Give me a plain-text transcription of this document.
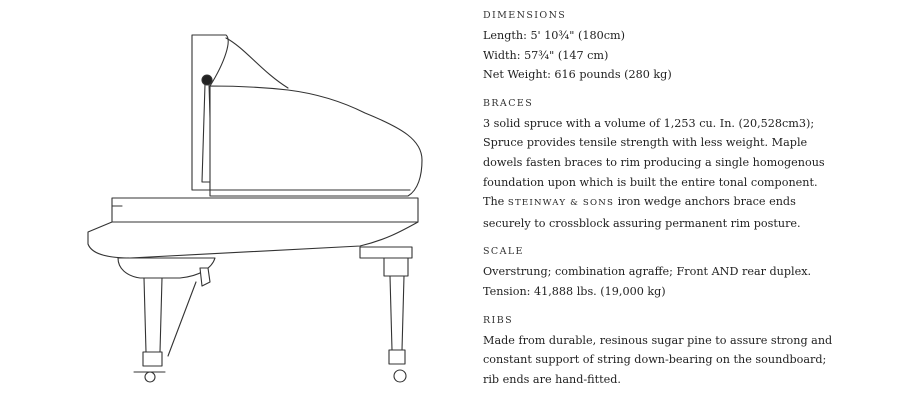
DIMENSIONS

Length: 5' 10¾" (180cm)

Width: 57¾" (147 cm)

Net Weight: 616 pounds (280 kg)

BRACES

3 solid spruce with a volume of 1,253 cu. In. (20,528cm3);

Spruce provides tensile strength with less weight. Maple

dowels fasten braces to rim producing a single homogenous

foundation upon which is built the entire tonal component.

The STEINWAY & SONS iron wedge anchors brace ends

securely to crossblock assuring permanent rim posture.

SCALE

Overstrung; combination agraffe; Front AND rear duplex.

Tension: 41,888 lbs. (19,000 kg)

RIBS

Made from durable, resinous sugar pine to assure strong and

constant support of string down-bearing on the soundboard;

rib ends are hand-fitted.
